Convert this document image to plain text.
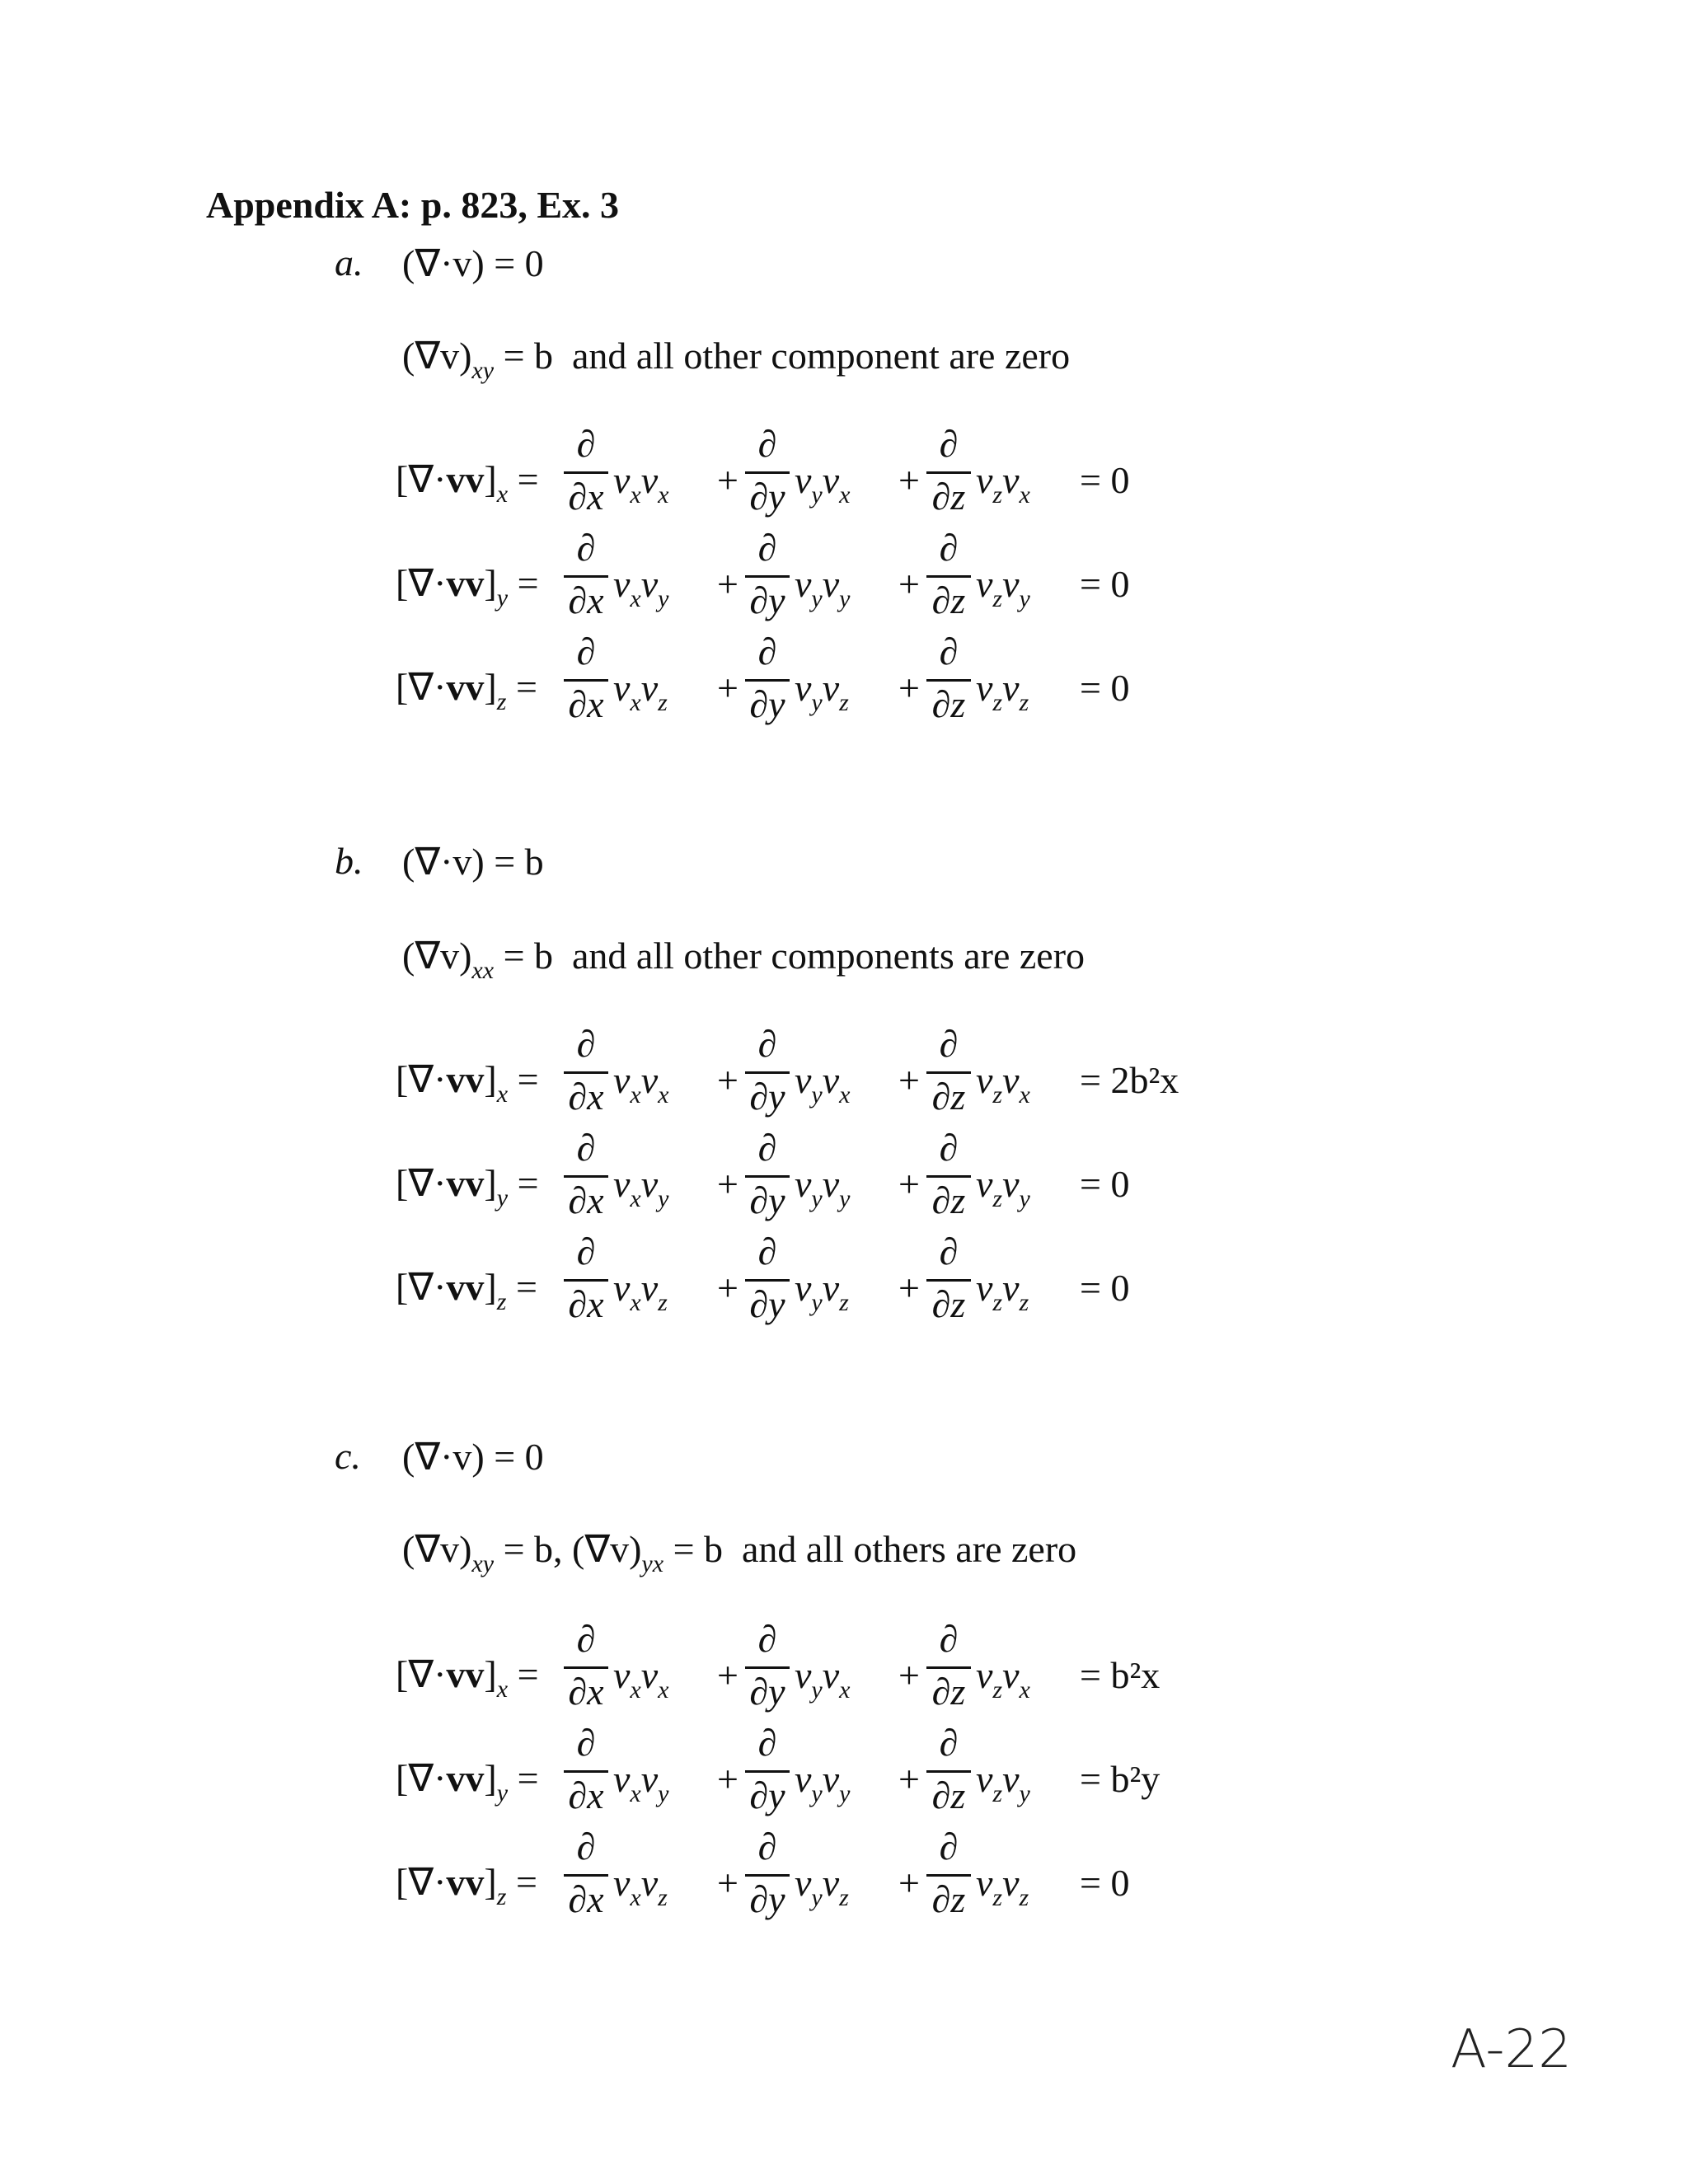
Appendix A: p. 823, Ex. 3
a. (∇·v) = 0
$(\nabla v)_{xy} = b$ and all other component are zero
$[\nabla\cdot vv]_x$ =
∂
∂x $v_xv_x$ +
∂
∂y $v_yv_x$ +
∂
∂z $v_zv_x = 0$
$[\nabla\cdot vv]_y$ =
∂
∂x $v_xv_y$ +
∂
∂y $v_yv_y$ +
∂
∂z $v_zv_y = 0$
$[\nabla\cdot vv]_z$ =
∂
∂x $v_xv_z$ +
∂
∂y $v_yv_z$ +
∂
∂z $v_zv_z = 0$
b. (∇·v) = b
$(\nabla v)_{xx} = b$ and all other components are zero
$[\nabla\cdot vv]_x$ =
∂
∂x $v_xv_x$ +
∂
∂y $v_yv_x$ +
∂
∂z $v_zv_x = 2b^2x$
$[\nabla\cdot vv]_y$ =
∂
∂x $v_xv_y$ +
∂
∂y $v_yv_y$ +
∂
∂z $v_zv_y = 0$
$[\nabla\cdot vv]_z$ =
∂
∂x $v_xv_z$ +
∂
∂y $v_yv_z$ +
∂
∂z $v_zv_z = 0$
c. (∇·v) = 0
$(\nabla v)_{xy} = b$, $(\nabla v)_{yx} = b$ and all others are zero
$[\nabla\cdot vv]_x$ =
∂
∂x $v_xv_x$ +
∂
∂y $v_yv_x$ +
∂
∂z $v_zv_x = b^2x$
$[\nabla\cdot vv]_y$ =
∂
∂x $v_xv_y$ +
∂
∂y $v_yv_y$ +
∂
∂z $v_zv_y = b^2y$
$[\nabla\cdot vv]_z$ =
∂
∂x $v_xv_z$ +
∂
∂y $v_yv_z$ +
∂
∂z $v_zv_z = 0$
A-22
